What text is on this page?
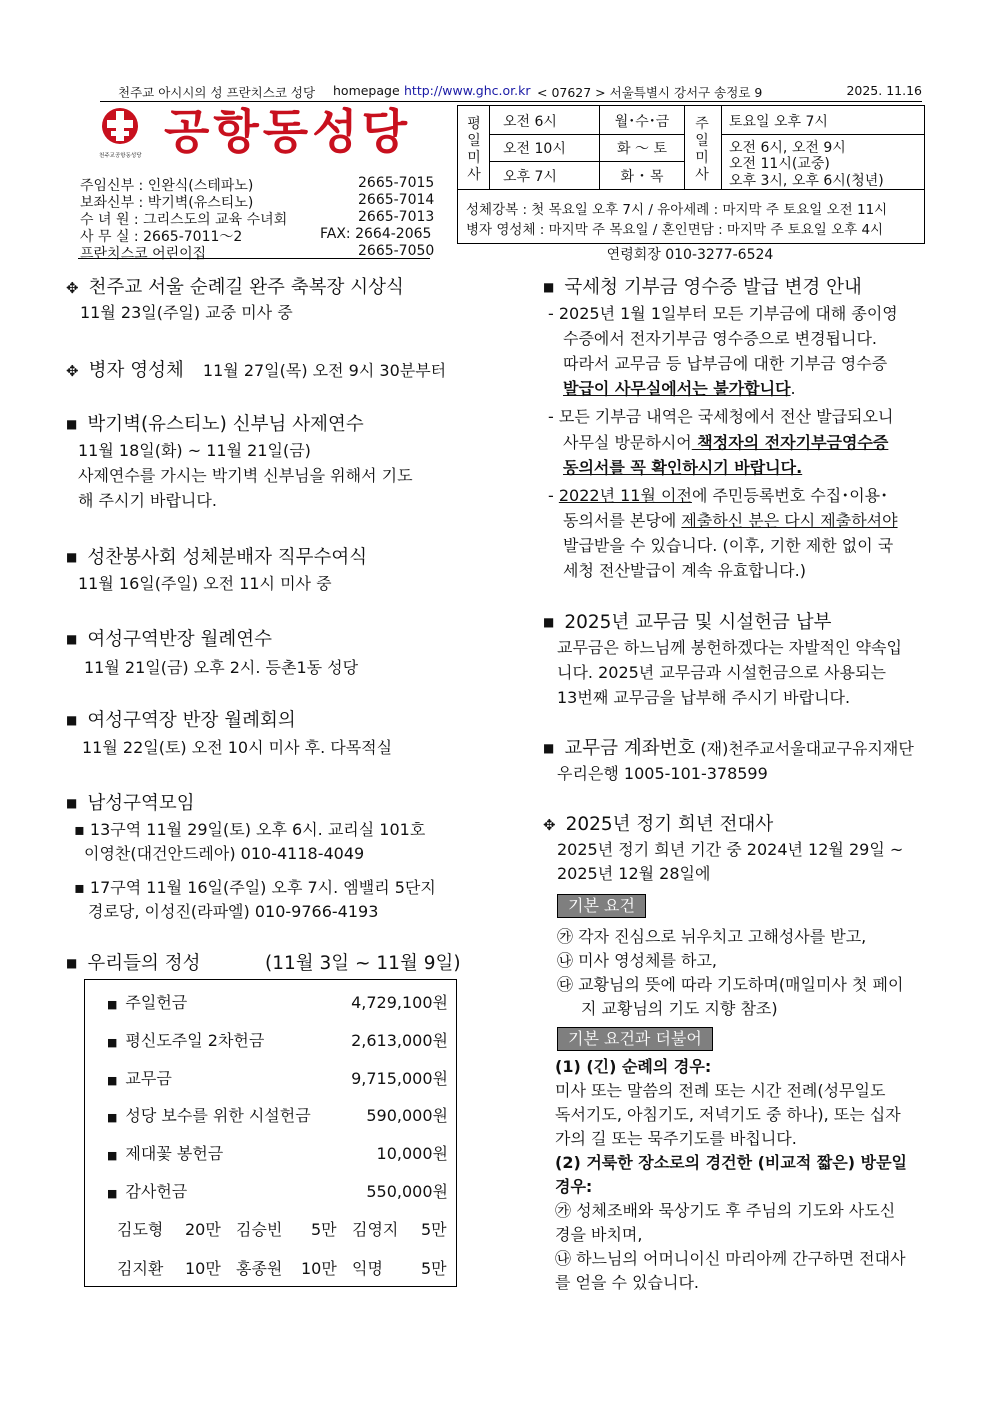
천주교 아시시의 성 프란치스코 성당 homepage http://www.ghc.or.kr < 07627 > 서울특별시 강서구 송정로 9	2025. 11.16
천주교공항동성당 공항동성당
주임신부 : 인완식(스테파노)	2665-7015
보좌신부 : 박기벽(유스티노)	2665-7014
수 녀 원 : 그리스도의 교육 수녀회	2665-7013
사 무 실 : 2665-7011～2	FAX: 2664-2065
프란치스코 어린이집	2665-7050
평
일
미
사
오전 6시	월･수･금
오전 10시	화 ～ 토
오후 7시	화 ･ 목
주
일
미
사
토요일 오후 7시
오전 6시, 오전 9시
오전 11시(교중)
오후 3시, 오후 6시(청년)
성체강복 : 첫 목요일 오후 7시 / 유아세례 : 마지막 주 토요일 오전 11시
병자 영성체 : 마지막 주 목요일 / 혼인면담 : 마지막 주 토요일 오후 4시
연령회장 010-3277-6524
✥ 천주교 서울 순례길 완주 축복장 시상식
11월 23일(주일) 교중 미사 중
✥ 병자 영성체 11월 27일(목) 오전 9시 30분부터
■ 박기벽(유스티노) 신부님 사제연수
11월 18일(화) ~ 11월 21일(금)
사제연수를 가시는 박기벽 신부님을 위해서 기도
해 주시기 바랍니다.
■ 성찬봉사회 성체분배자 직무수여식
11월 16일(주일) 오전 11시 미사 중
■ 여성구역반장 월례연수
11월 21일(금) 오후 2시. 등촌1동 성당
■ 여성구역장 반장 월례회의
11월 22일(토) 오전 10시 미사 후. 다목적실
■ 남성구역모임
▪ 13구역 11월 29일(토) 오후 6시. 교리실 101호
이영찬(대건안드레아) 010-4118-4049
▪ 17구역 11월 16일(주일) 오후 7시. 엠밸리 5단지
경로당, 이성진(라파엘) 010-9766-4193
■ 우리들의 정성	(11월 3일 ~ 11월 9일)
■ 주일헌금	4,729,100원
■ 평신도주일 2차헌금	2,613,000원
■ 교무금	9,715,000원
■ 성당 보수를 위한 시설헌금	590,000원
■ 제대꽃 봉헌금	10,000원
■ 감사헌금	550,000원
김도형 20만 김승빈 5만 김영지 5만
김지환 10만 홍종원 10만 익명 5만
■ 국세청 기부금 영수증 발급 변경 안내
- 2025년 1월 1일부터 모든 기부금에 대해 종이영
수증에서 전자기부금 영수증으로 변경됩니다.
따라서 교무금 등 납부금에 대한 기부금 영수증
발급이 사무실에서는 불가합니다.
- 모든 기부금 내역은 국세청에서 전산 발급되오니
사무실 방문하시어 책정자의 전자기부금영수증
동의서를 꼭 확인하시기 바랍니다.
- 2022년 11월 이전에 주민등록번호 수집･이용･
동의서를 본당에 제출하신 분은 다시 제출하셔야
발급받을 수 있습니다. (이후, 기한 제한 없이 국
세청 전산발급이 계속 유효합니다.)
■ 2025년 교무금 및 시설헌금 납부
교무금은 하느님께 봉헌하겠다는 자발적인 약속입
니다. 2025년 교무금과 시설헌금으로 사용되는
13번째 교무금을 납부해 주시기 바랍니다.
■ 교무금 계좌번호 (재)천주교서울대교구유지재단
우리은행 1005-101-378599
✥ 2025년 정기 희년 전대사
2025년 정기 희년 기간 중 2024년 12월 29일 ~
2025년 12월 28일에
기본 요건
㉮ 각자 진심으로 뉘우치고 고해성사를 받고,
㉯ 미사 영성체를 하고,
㉰ 교황님의 뜻에 따라 기도하며(매일미사 첫 페이
지 교황님의 기도 지향 참조)
기본 요건과 더불어
(1) (긴) 순례의 경우:
미사 또는 말씀의 전례 또는 시간 전례(성무일도
독서기도, 아침기도, 저녁기도 중 하나), 또는 십자
가의 길 또는 묵주기도를 바칩니다.
(2) 거룩한 장소로의 경건한 (비교적 짧은) 방문일
경우:
㉮ 성체조배와 묵상기도 후 주님의 기도와 사도신
경을 바치며,
㉯ 하느님의 어머니이신 마리아께 간구하면 전대사
를 얻을 수 있습니다.
